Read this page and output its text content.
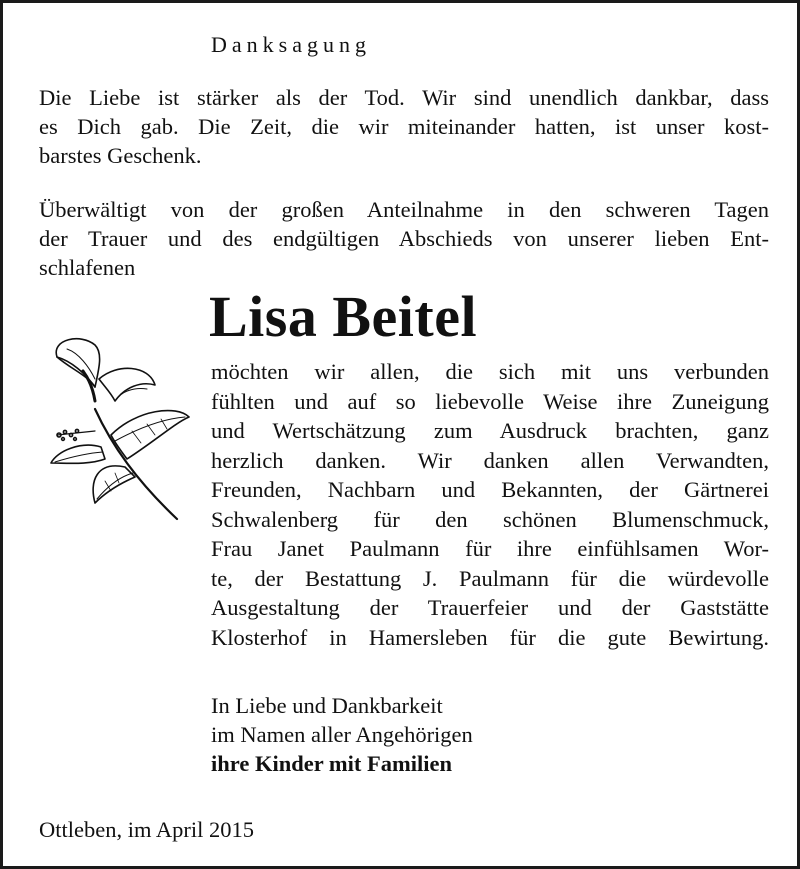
Danksagung
Die Liebe ist stärker als der Tod. Wir sind unendlich dankbar, dass
es Dich gab. Die Zeit, die wir miteinander hatten, ist unser kost-
barstes Geschenk.
Überwältigt von der großen Anteilnahme in den schweren Tagen
der Trauer und des endgültigen Abschieds von unserer lieben Ent-
schlafenen
Lisa Beitel
möchten wir allen, die sich mit uns verbunden
fühlten und auf so liebevolle Weise ihre Zuneigung
und Wertschätzung zum Ausdruck brachten, ganz
herzlich danken. Wir danken allen Verwandten,
Freunden, Nachbarn und Bekannten, der Gärtnerei
Schwalenberg für den schönen Blumenschmuck,
Frau Janet Paulmann für ihre einfühlsamen Wor-
te, der Bestattung J. Paulmann für die würdevolle
Ausgestaltung der Trauerfeier und der Gaststätte
Klosterhof in Hamersleben für die gute Bewirtung.
In Liebe und Dankbarkeit
im Namen aller Angehörigen
ihre Kinder mit Familien
Ottleben, im April 2015
